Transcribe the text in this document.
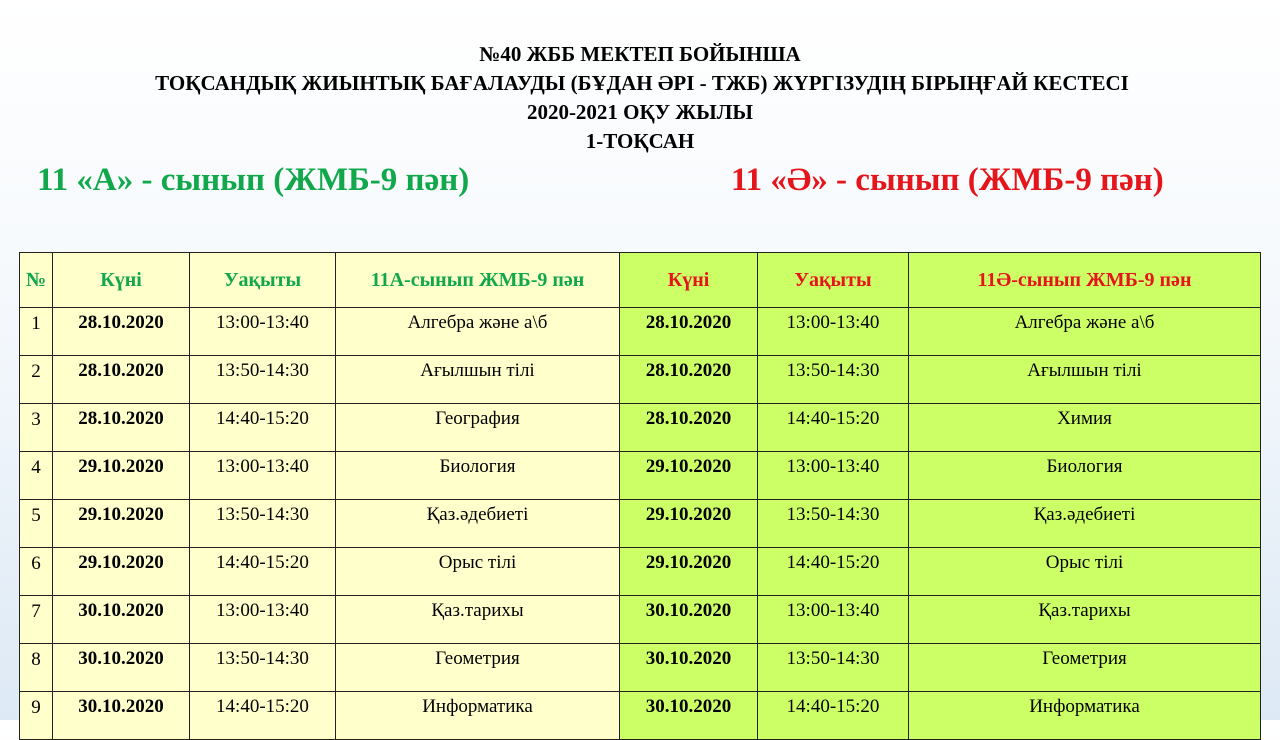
№40 ЖББ МЕКТЕП БОЙЫНША
ТОҚСАНДЫҚ ЖИЫНТЫҚ БАҒАЛАУДЫ (БҰДАН ӘРІ - ТЖБ) ЖҮРГІЗУДІҢ БІРЫҢҒАЙ КЕСТЕСІ
2020-2021 ОҚУ ЖЫЛЫ
1-ТОҚСАН
11 «А» - сынып (ЖМБ-9 пән)	11 «Ә» - сынып (ЖМБ-9 пән)
№	Күні	Уақыты	11А-сынып ЖМБ-9 пән	Күні	Уақыты	11Ә-сынып ЖМБ-9 пән
1	28.10.2020	13:00-13:40	Алгебра және а\б	28.10.2020	13:00-13:40	Алгебра және а\б
2	28.10.2020	13:50-14:30	Ағылшын тілі	28.10.2020	13:50-14:30	Ағылшын тілі
3	28.10.2020	14:40-15:20	География	28.10.2020	14:40-15:20	Химия
4	29.10.2020	13:00-13:40	Биология	29.10.2020	13:00-13:40	Биология
5	29.10.2020	13:50-14:30	Қаз.әдебиеті	29.10.2020	13:50-14:30	Қаз.әдебиеті
6	29.10.2020	14:40-15:20	Орыс тілі	29.10.2020	14:40-15:20	Орыс тілі
7	30.10.2020	13:00-13:40	Қаз.тарихы	30.10.2020	13:00-13:40	Қаз.тарихы
8	30.10.2020	13:50-14:30	Геометрия	30.10.2020	13:50-14:30	Геометрия
9	30.10.2020	14:40-15:20	Информатика	30.10.2020	14:40-15:20	Информатика
